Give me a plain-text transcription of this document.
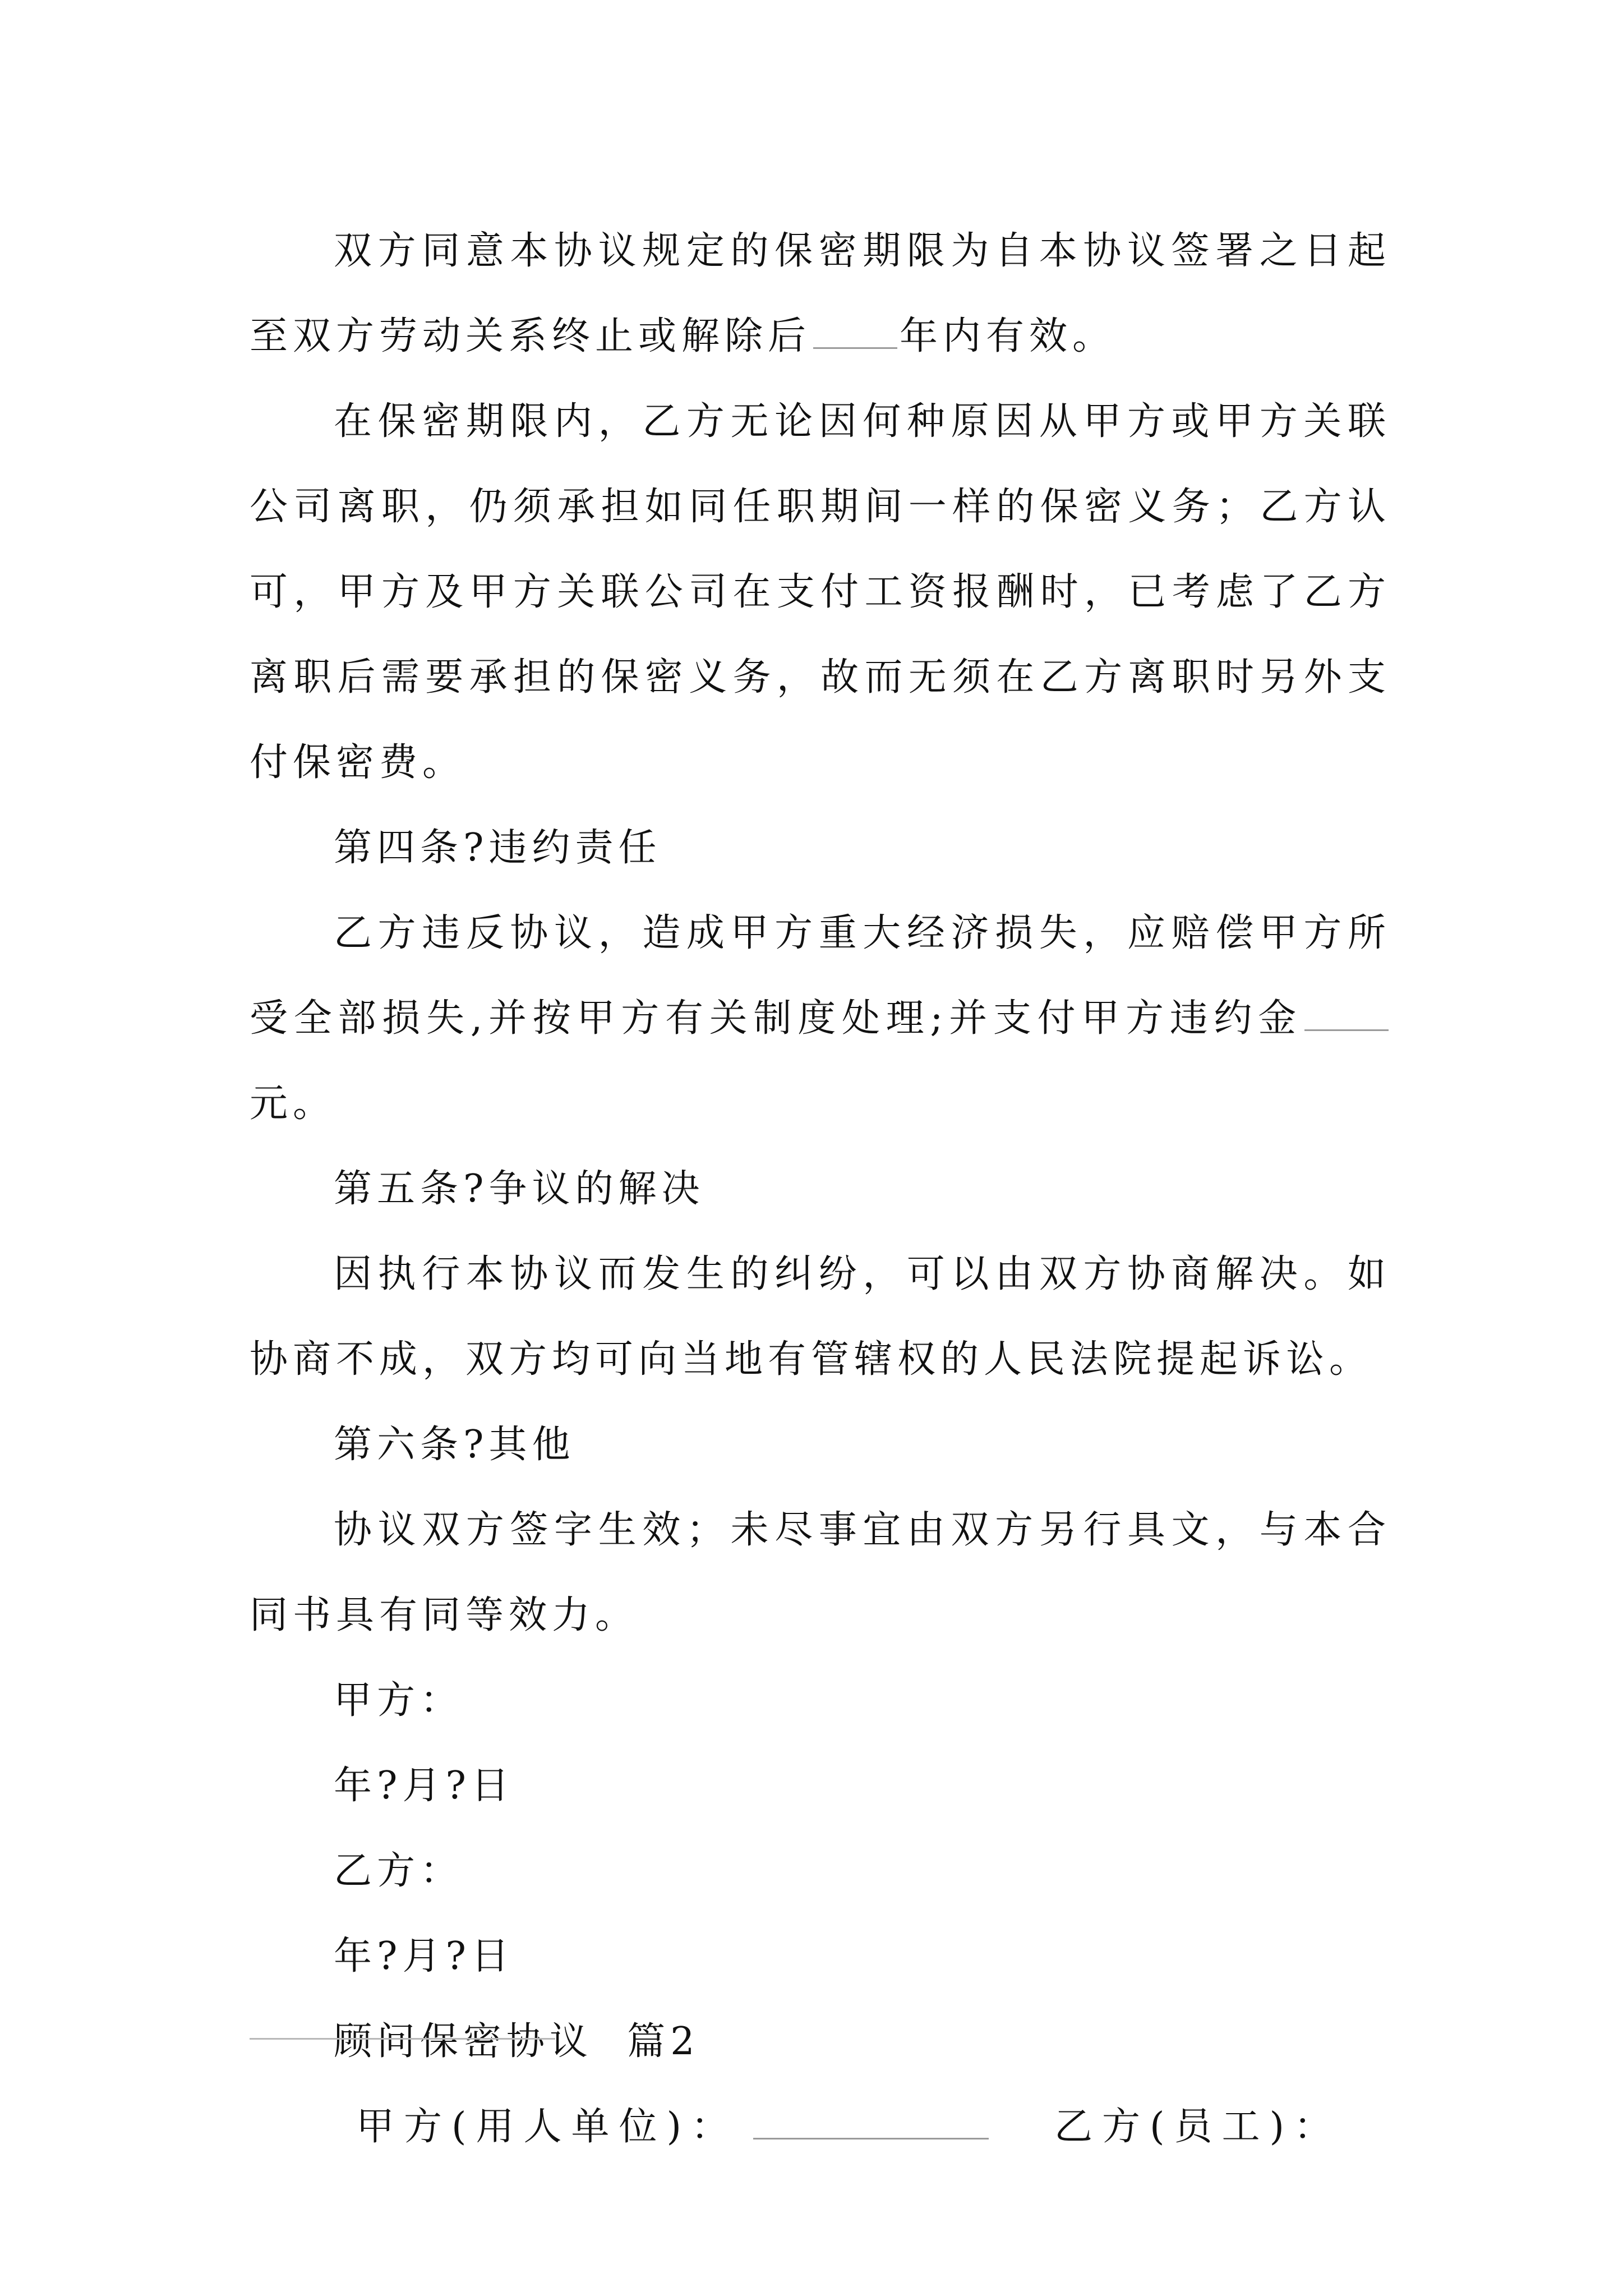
双方同意本协议规定的保密期限为自本协议签署之日起至双方劳动关系终止或解除后 年内有效。

在保密期限内，乙方无论因何种原因从甲方或甲方关联公司离职，仍须承担如同任职期间一样的保密义务；乙方认可，甲方及甲方关联公司在支付工资报酬时，已考虑了乙方离职后需要承担的保密义务，故而无须在乙方离职时另外支付保密费。

第四条?违约责任

乙方违反协议，造成甲方重大经济损失，应赔偿甲方所受全部损失,并按甲方有关制度处理;并支付甲方违约金元。

第五条?争议的解决

因执行本协议而发生的纠纷，可以由双方协商解决。如协商不成，双方均可向当地有管辖权的人民法院提起诉讼。

第六条?其他

协议双方签字生效；未尽事宜由双方另行具文，与本合同书具有同等效力。

甲方：

年?月?日

乙方：

年?月?日

顾问保密协议  篇2

甲方(用人单位)：	乙方(员工)：
